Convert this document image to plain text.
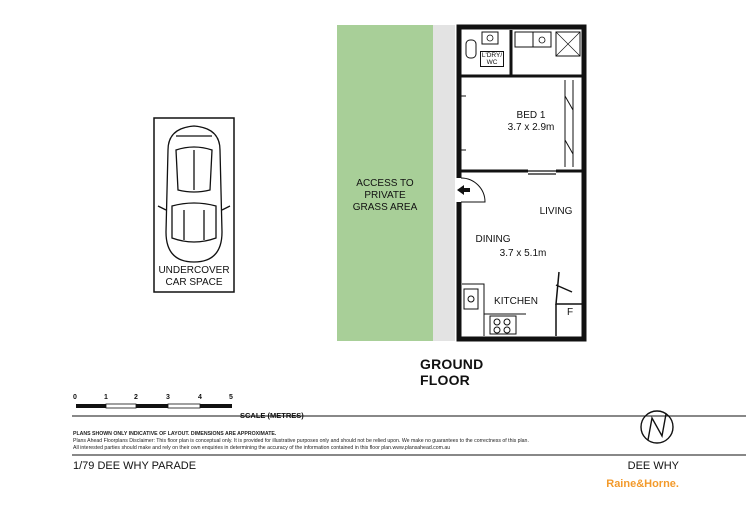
ACCESS TO
PRIVATE
GRASS AREA
UNDERCOVER
CAR SPACE
L'DRY/
WC
BED 1
3.7 x 2.9m
LIVING
DINING
3.7 x 5.1m
KITCHEN
F
GROUND FLOOR
0	1	2	3	4	5
SCALE (METRES)
PLANS SHOWN ONLY INDICATIVE OF LAYOUT. DIMENSIONS ARE APPROXIMATE.
Plans Ahead Floorplans Disclaimer: This floor plan is conceptual only. It is provided for illustrative purposes only and should not be relied upon. We make no guarantees to the correctness of this plan.
All interested parties should make and rely on their own enquiries in determining the accuracy of the information contained in this floor plan.www.plansahead.com.au
1/79 DEE WHY PARADE	DEE WHY
Raine&Horne.
